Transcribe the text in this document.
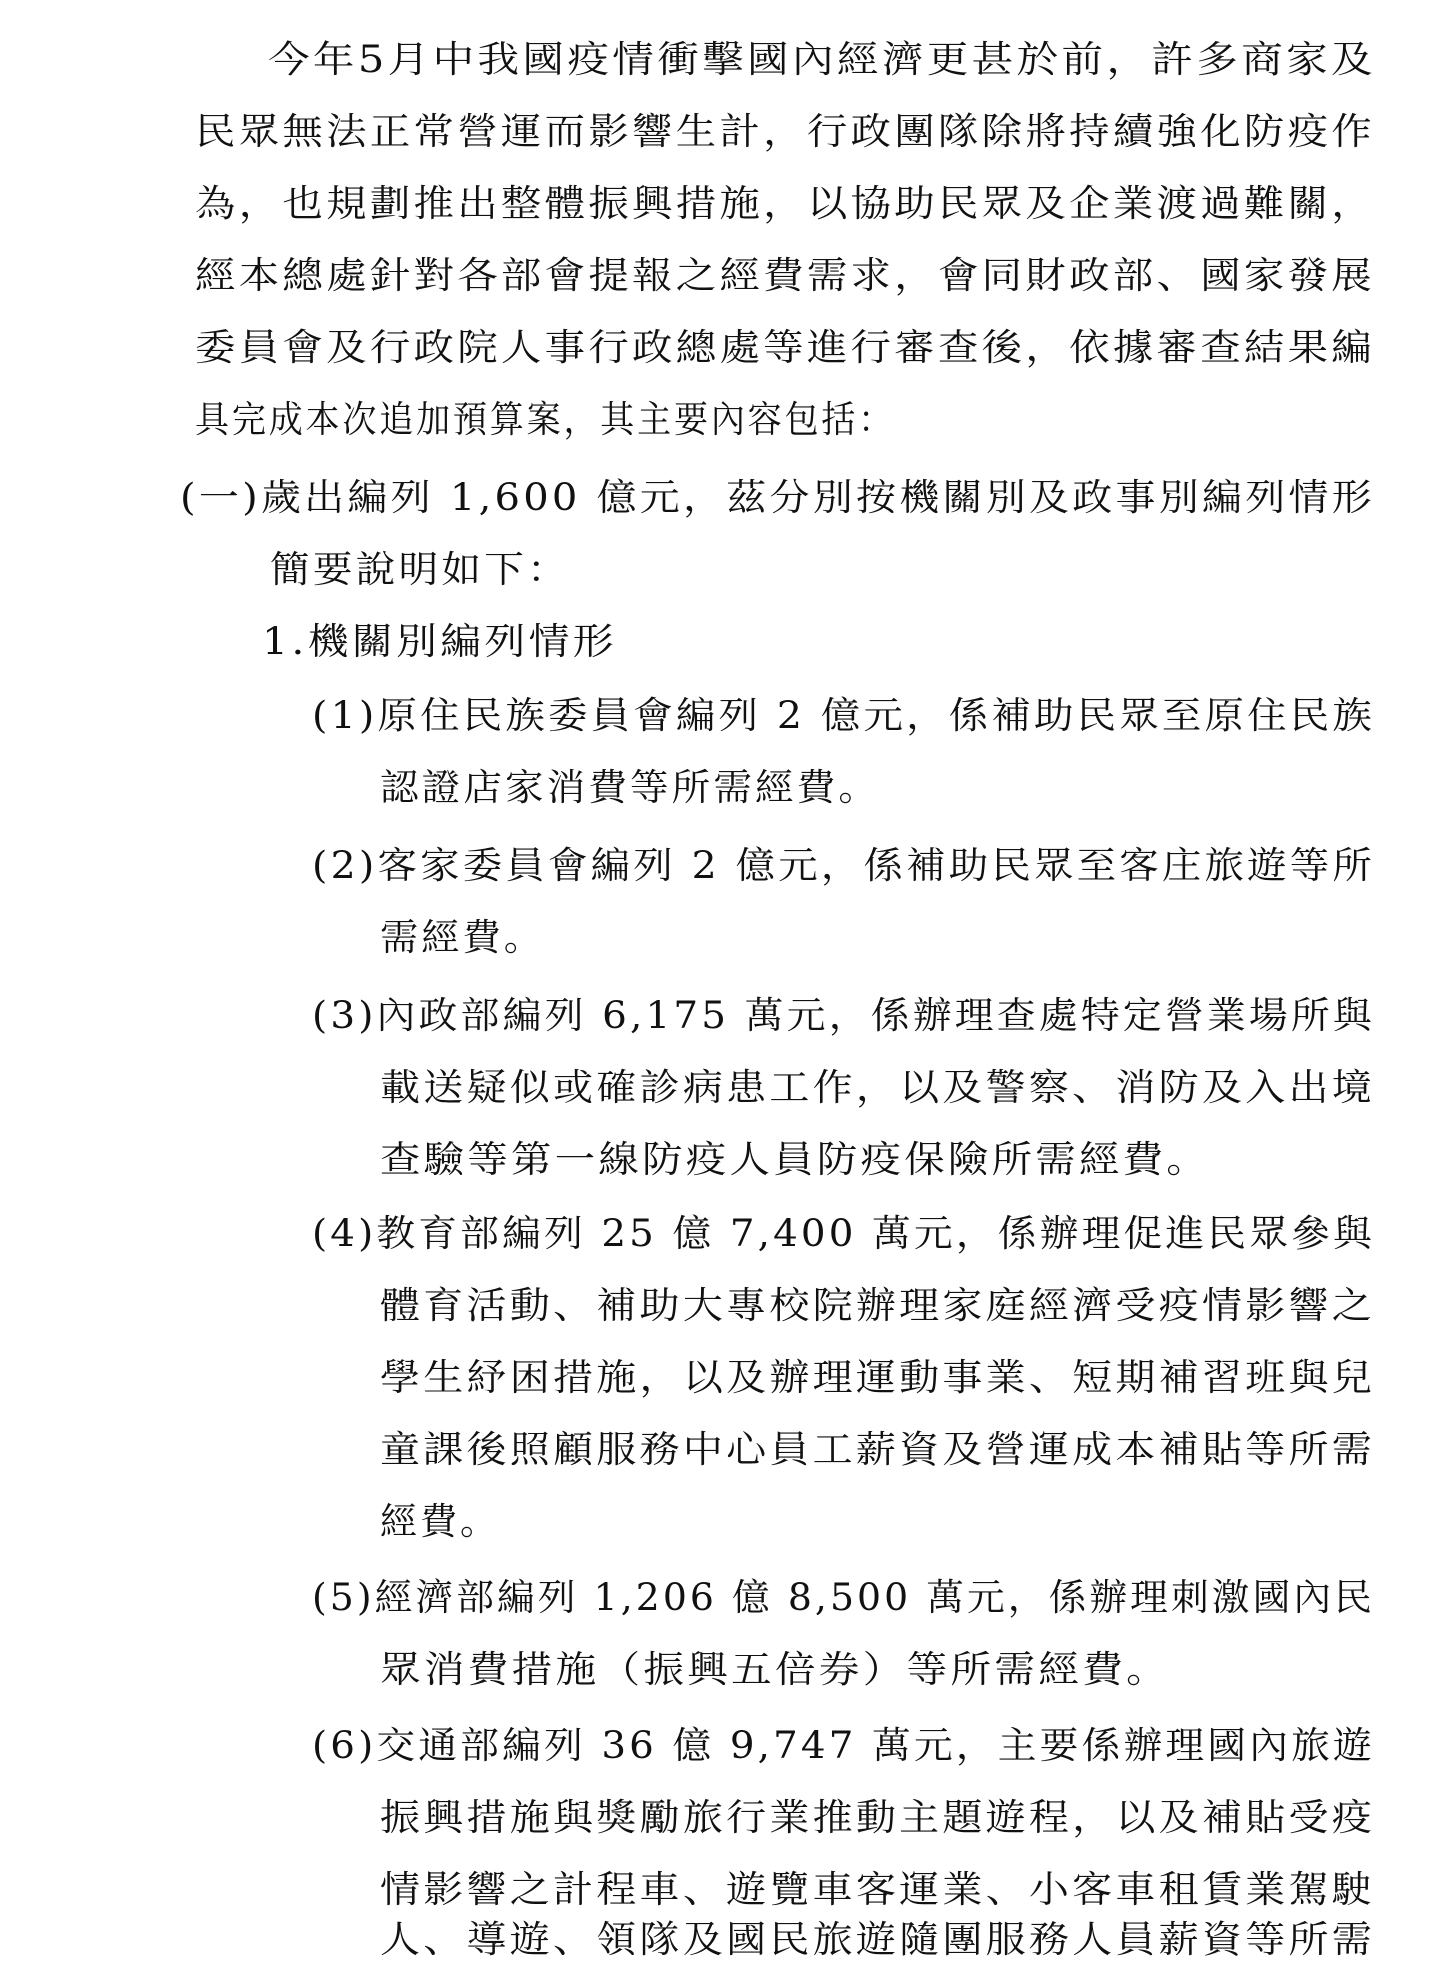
今年5月中我國疫情衝擊國內經濟更甚於前，許多商家及
民眾無法正常營運而影響生計，行政團隊除將持續強化防疫作
為，也規劃推出整體振興措施，以協助民眾及企業渡過難關，
經本總處針對各部會提報之經費需求，會同財政部、國家發展
委員會及行政院人事行政總處等進行審查後，依據審查結果編
具完成本次追加預算案，其主要內容包括：
(一)歲出編列 1,600 億元，茲分別按機關別及政事別編列情形
簡要說明如下：
1.機關別編列情形
(1)原住民族委員會編列 2 億元，係補助民眾至原住民族
認證店家消費等所需經費。
(2)客家委員會編列 2 億元，係補助民眾至客庄旅遊等所
需經費。
(3)內政部編列 6,175 萬元，係辦理查處特定營業場所與
載送疑似或確診病患工作，以及警察、消防及入出境
查驗等第一線防疫人員防疫保險所需經費。
(4)教育部編列 25 億 7,400 萬元，係辦理促進民眾參與
體育活動、補助大專校院辦理家庭經濟受疫情影響之
學生紓困措施，以及辦理運動事業、短期補習班與兒
童課後照顧服務中心員工薪資及營運成本補貼等所需
經費。
(5)經濟部編列 1,206 億 8,500 萬元，係辦理刺激國內民
眾消費措施（振興五倍券）等所需經費。
(6)交通部編列 36 億 9,747 萬元，主要係辦理國內旅遊
振興措施與獎勵旅行業推動主題遊程，以及補貼受疫
情影響之計程車、遊覽車客運業、小客車租賃業駕駛
人、導遊、領隊及國民旅遊隨團服務人員薪資等所需
